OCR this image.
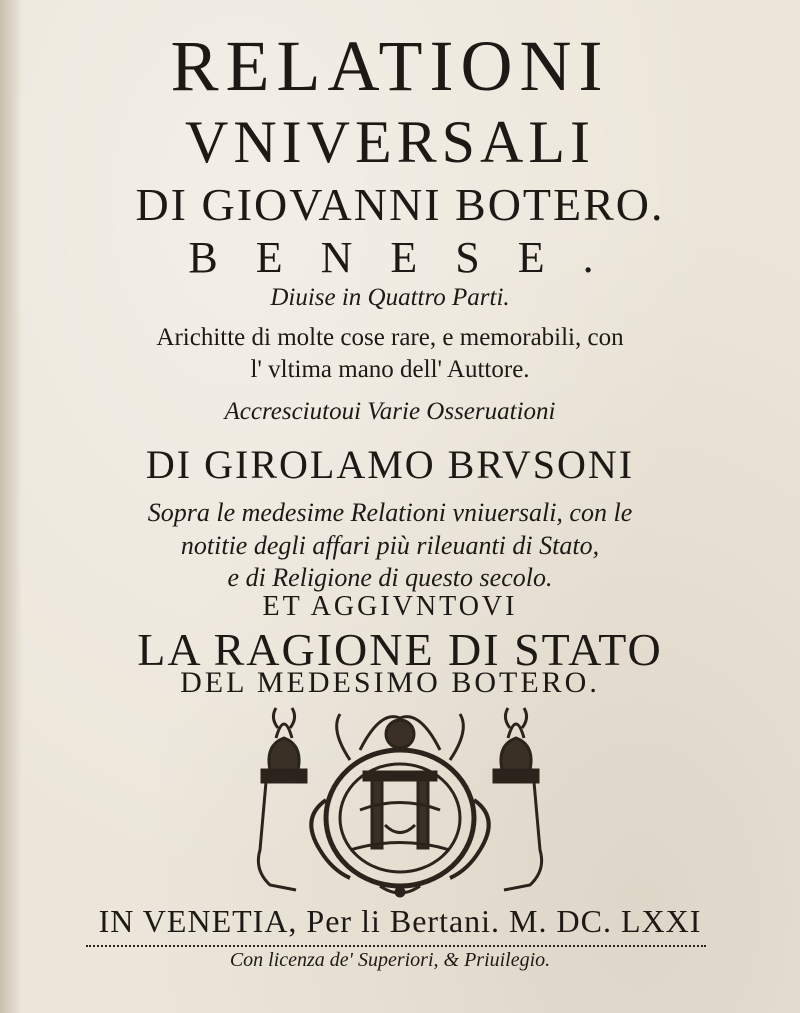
RELATIONI
VNIVERSALI
DI GIOVANNI BOTERO.
BENESE.
Diuise in Quattro Parti.
Arichitte di molte cose rare, e memorabili, con
l' vltima mano dell' Auttore.
Accresciutoui Varie Osseruationi
DI GIROLAMO BRVSONI
Sopra le medesime Relationi vniuersali, con le
notitie degli affari più rileuanti di Stato,
e di Religione di questo secolo.
ET AGGIVNTOVI
LA RAGIONE DI STATO
DEL MEDESIMO BOTERO.
IN VENETIA, Per li Bertani. M. DC. LXXI
Con licenza de' Superiori, & Priuilegio.
